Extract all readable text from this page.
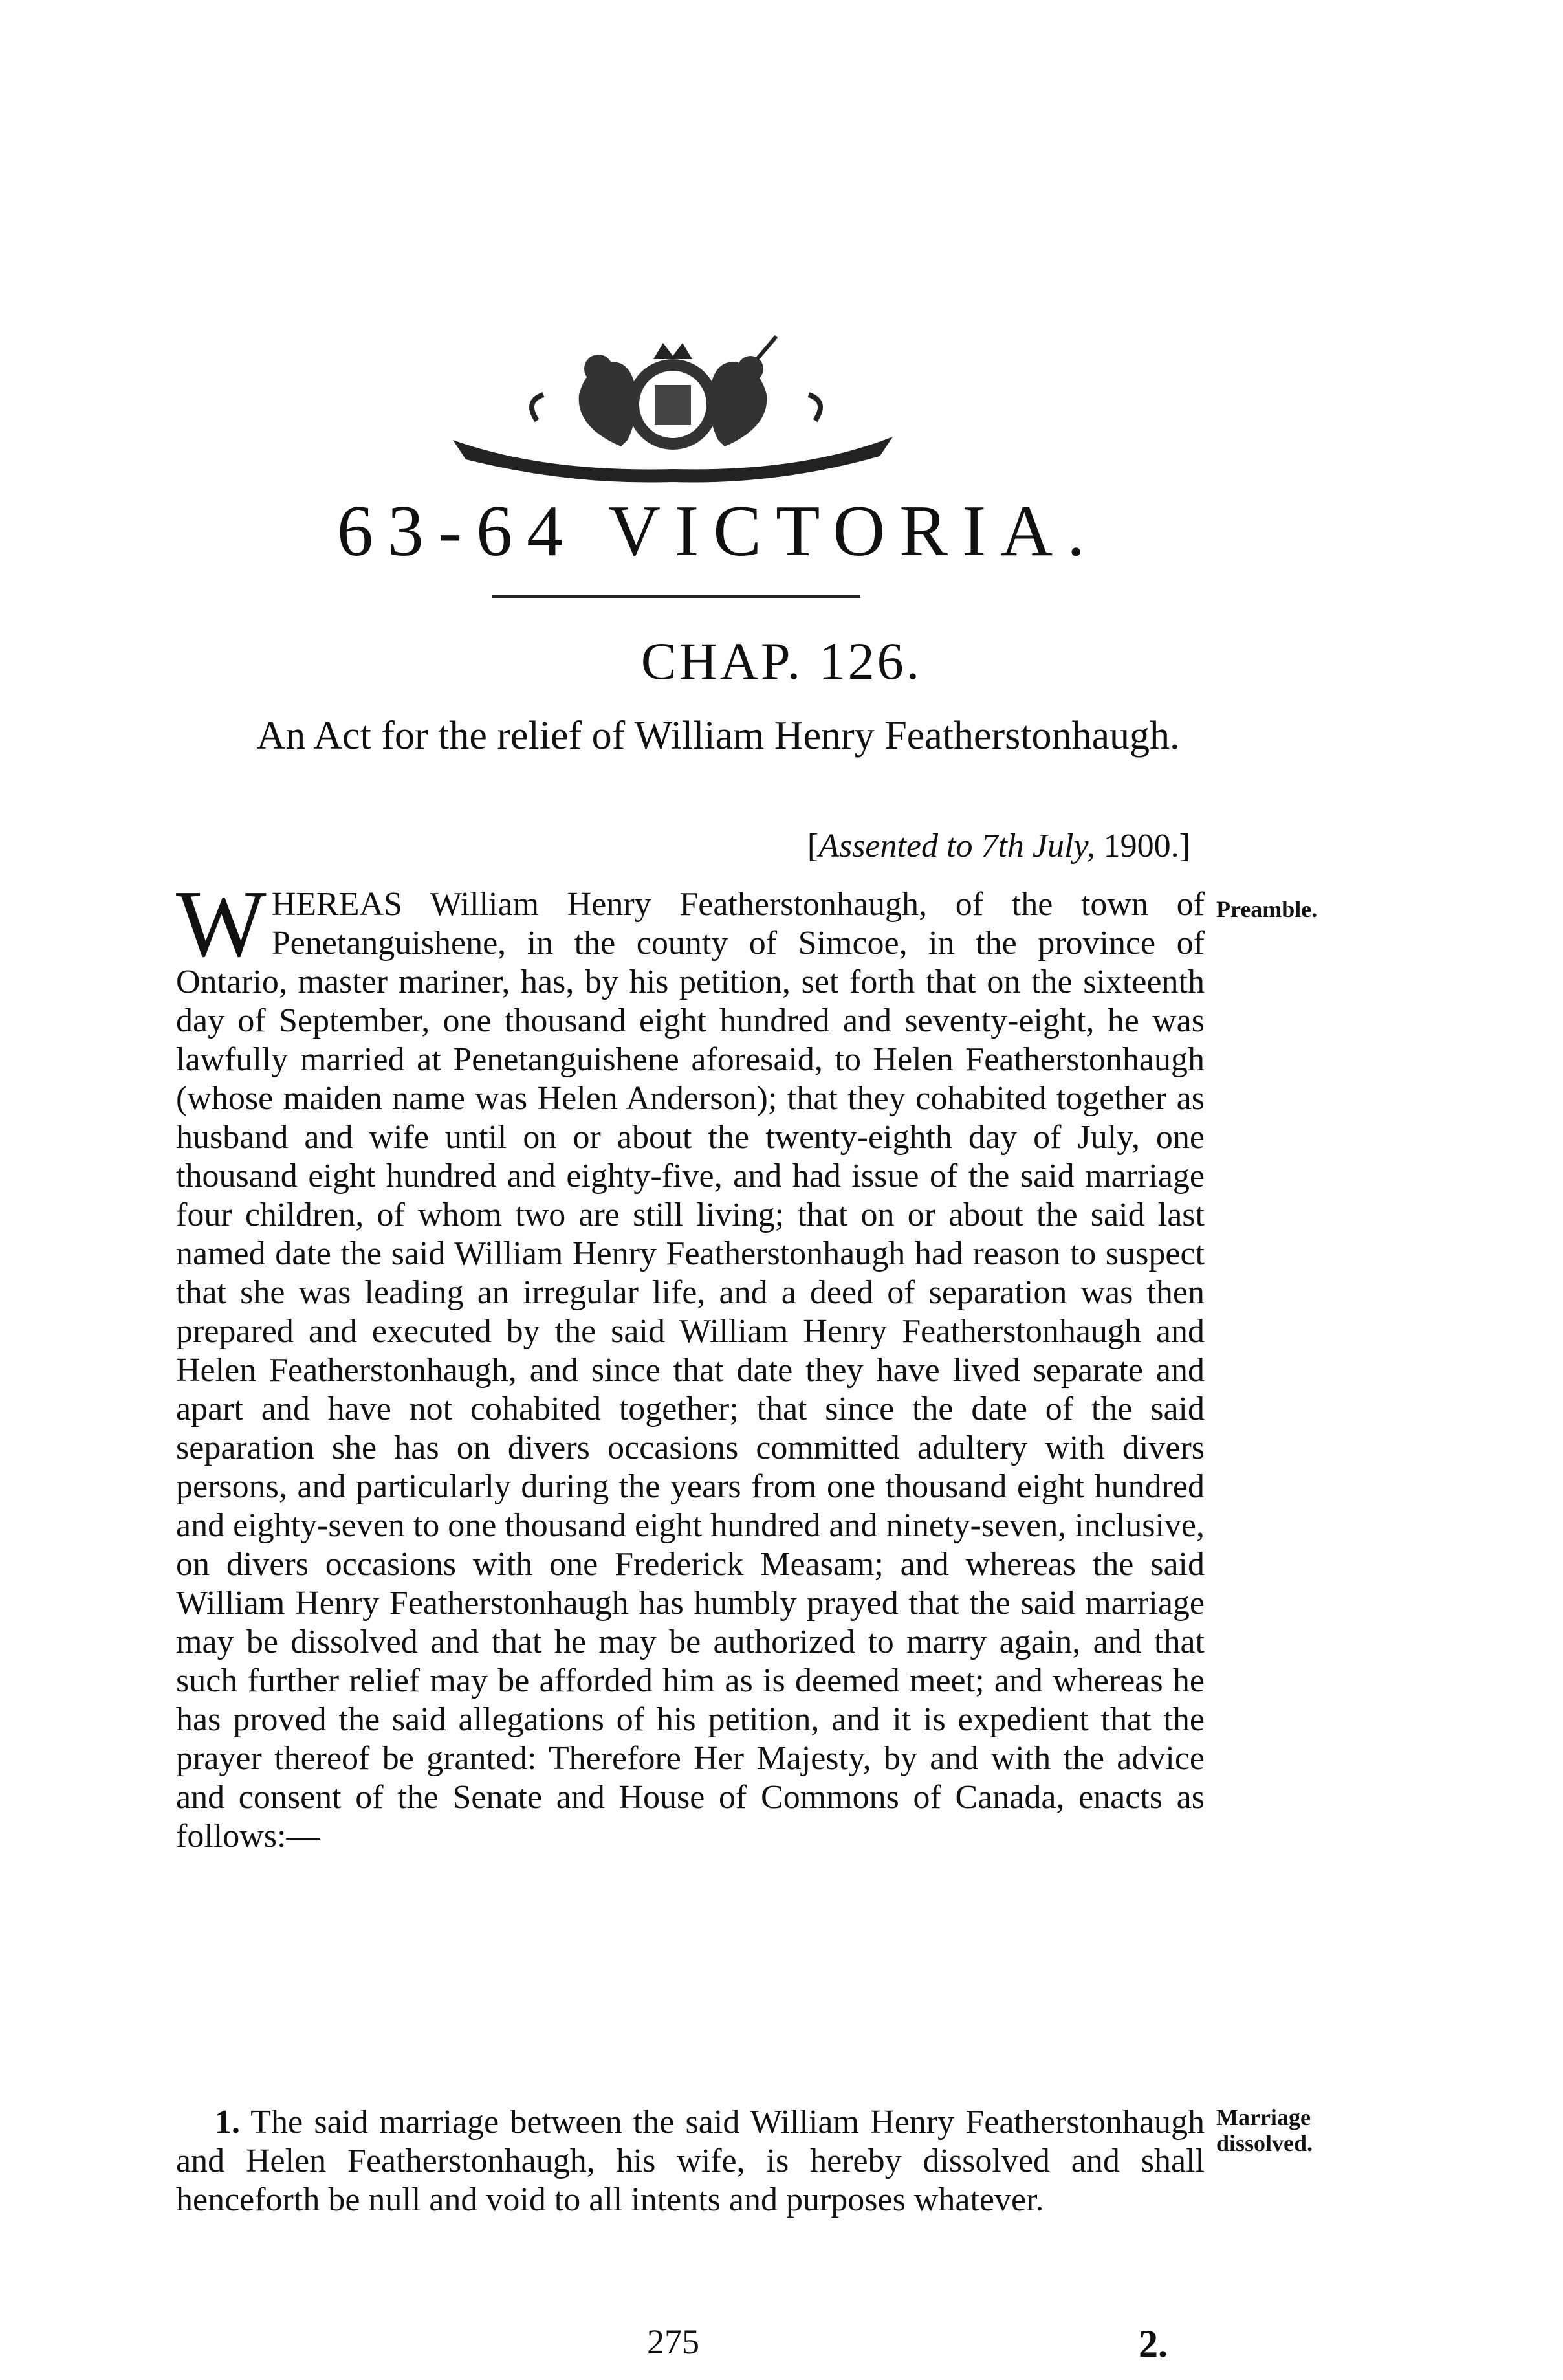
63-64 VICTORIA.
CHAP. 126.
An Act for the relief of William Henry Featherstonhaugh.
[Assented to 7th July, 1900.]
WHEREAS William Henry Featherstonhaugh, of the town of Penetanguishene, in the county of Simcoe, in the province of Ontario, master mariner, has, by his petition, set forth that on the sixteenth day of September, one thousand eight hundred and seventy-eight, he was lawfully married at Penetanguishene aforesaid, to Helen Featherstonhaugh (whose maiden name was Helen Anderson); that they cohabited together as husband and wife until on or about the twenty-eighth day of July, one thousand eight hundred and eighty-five, and had issue of the said marriage four children, of whom two are still living; that on or about the said last named date the said William Henry Featherstonhaugh had reason to suspect that she was leading an irregular life, and a deed of separation was then prepared and executed by the said William Henry Featherstonhaugh and Helen Featherstonhaugh, and since that date they have lived separate and apart and have not cohabited together; that since the date of the said separation she has on divers occasions committed adultery with divers persons, and particularly during the years from one thousand eight hundred and eighty-seven to one thousand eight hundred and ninety-seven, inclusive, on divers occasions with one Frederick Measam; and whereas the said William Henry Featherstonhaugh has humbly prayed that the said marriage may be dissolved and that he may be authorized to marry again, and that such further relief may be afforded him as is deemed meet; and whereas he has proved the said allegations of his petition, and it is expedient that the prayer thereof be granted: Therefore Her Majesty, by and with the advice and consent of the Senate and House of Commons of Canada, enacts as follows:—
Preamble.
1. The said marriage between the said William Henry Featherstonhaugh and Helen Featherstonhaugh, his wife, is hereby dissolved and shall henceforth be null and void to all intents and purposes whatever.
Marriage dissolved.
275	2.
